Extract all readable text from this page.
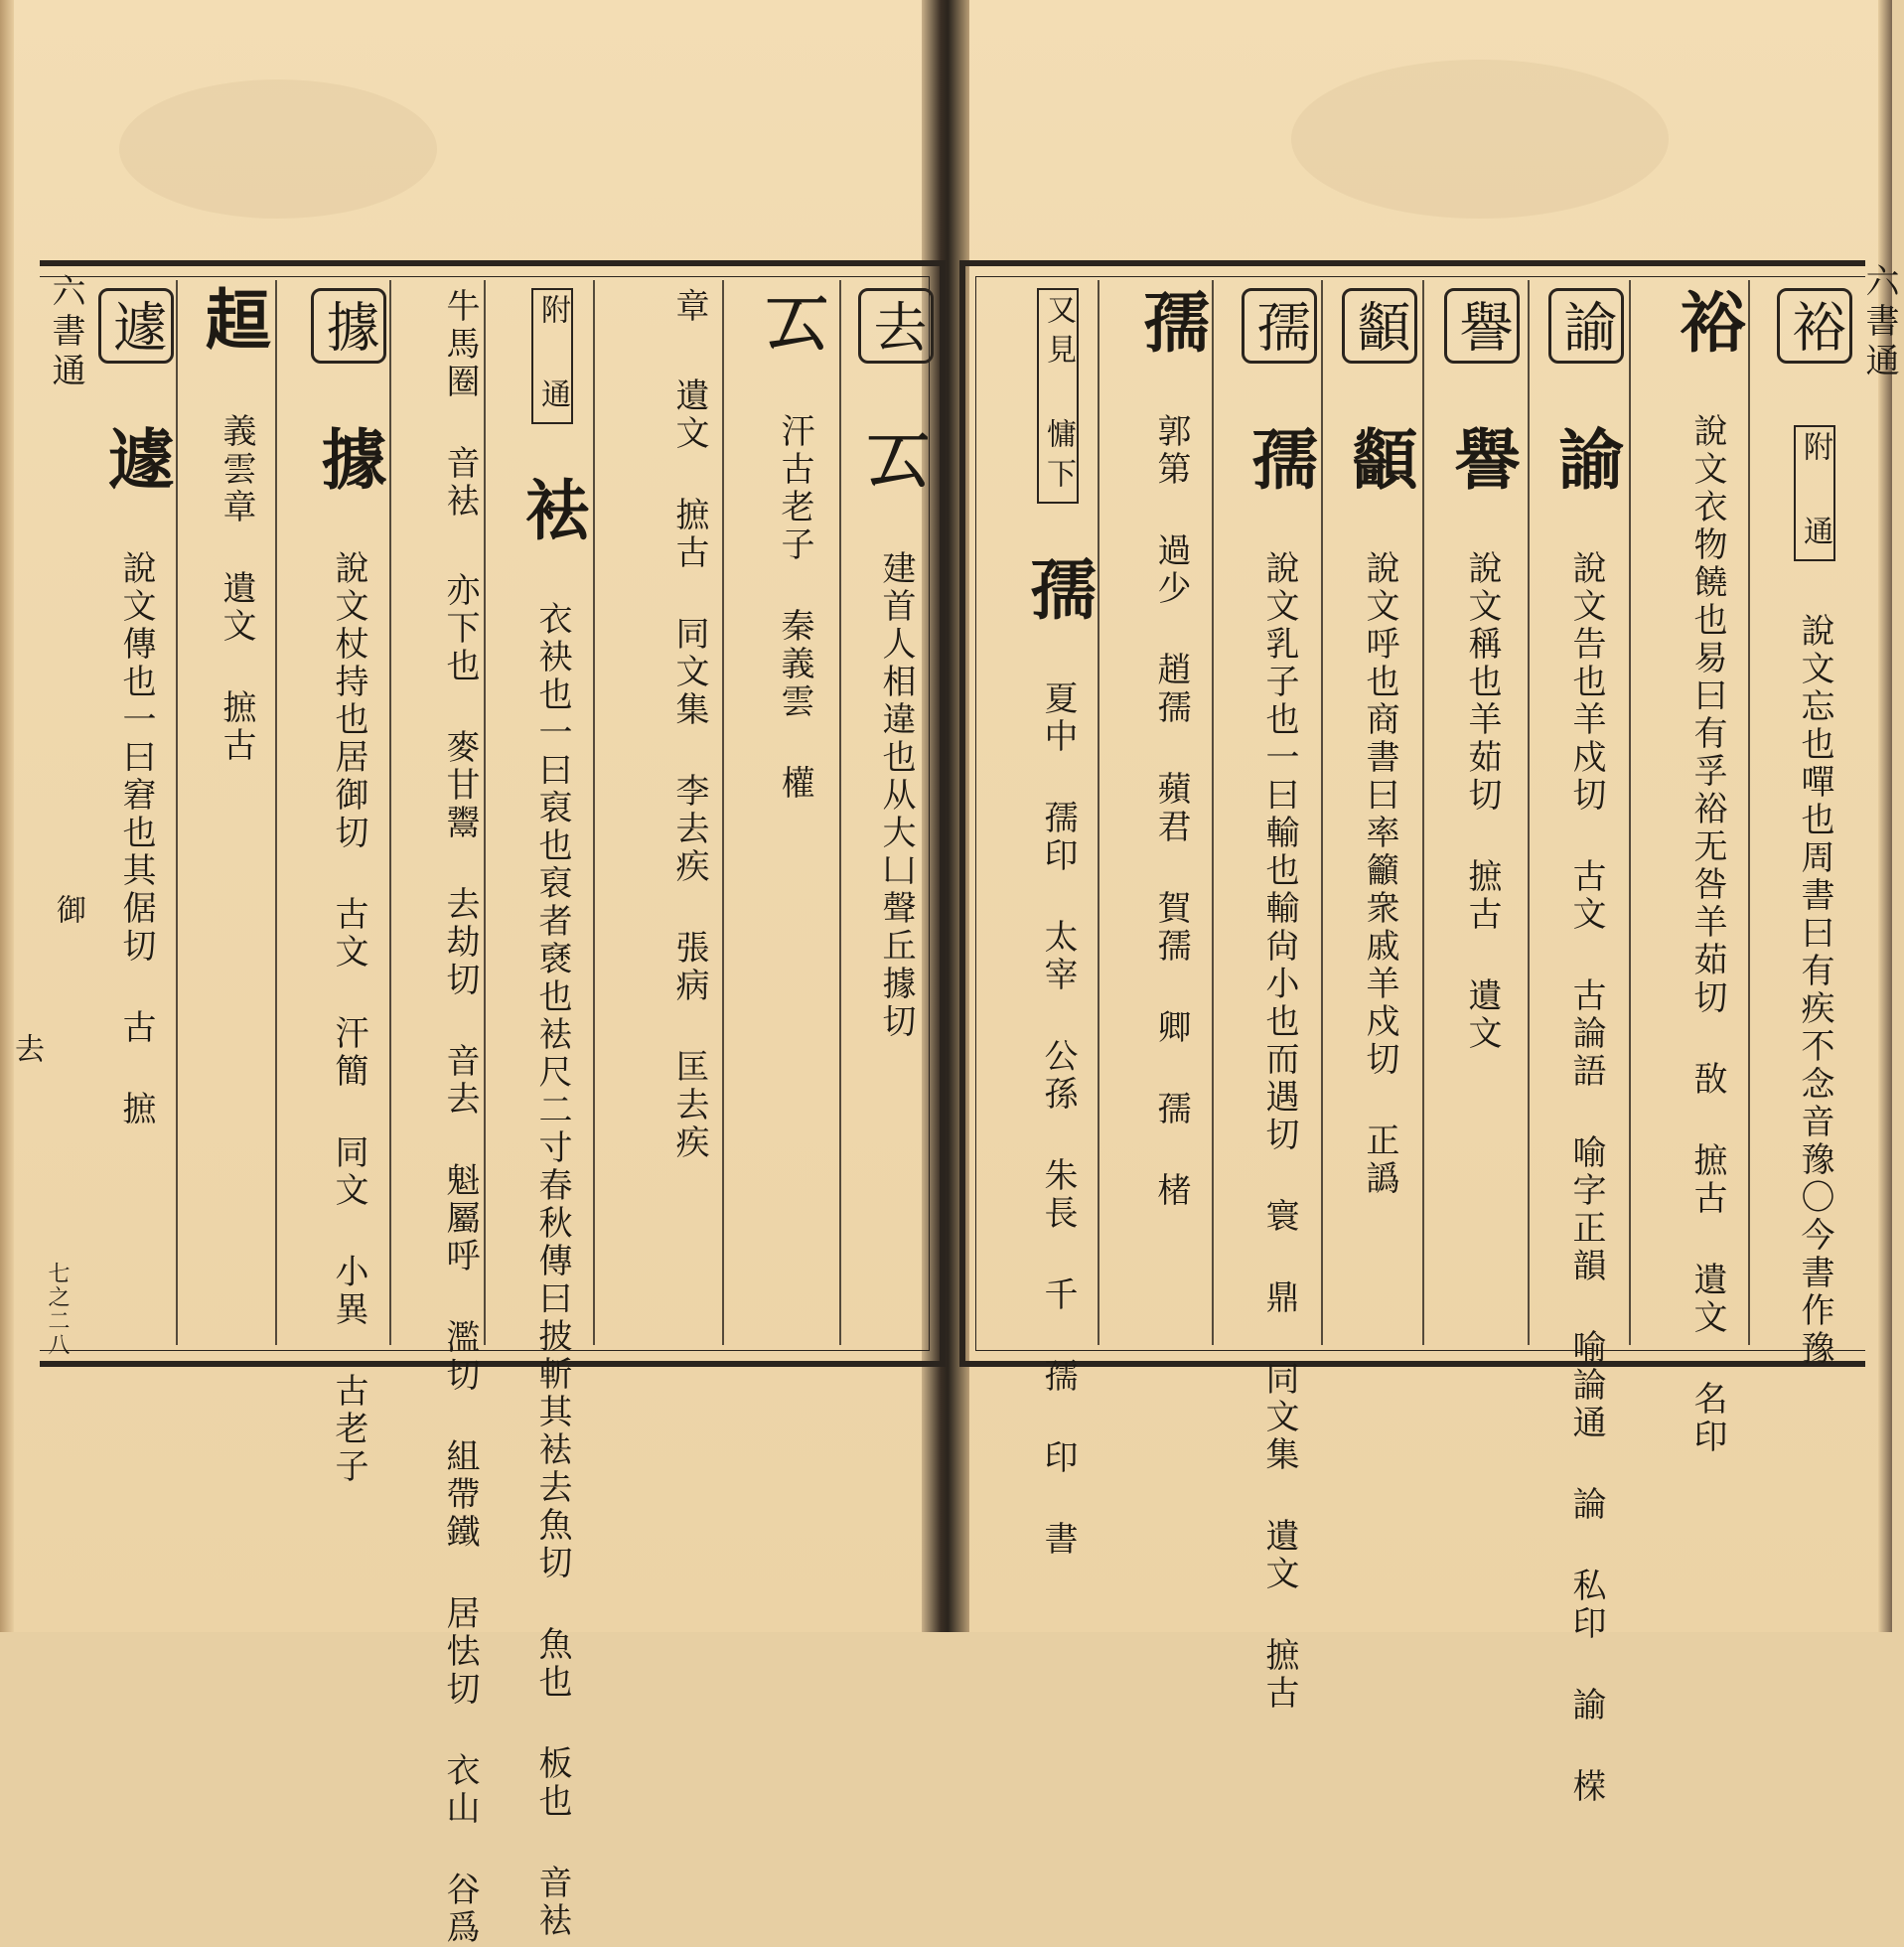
六書通
去
御
七之二八
去 𠫔 建首人相違也从大凵聲丘據切
𠫔 汗古老子 秦義雲 權
章 遺文 摭古 同文集 李去疾 張病 匡去疾
附 通 袪 衣袂也一曰裒也裒者褎也袪尺二寸春秋傳曰披斬其袪去魚切 魚也 板也 音袪
牛馬圈 音袪 亦下也 麥甘鬻 去劫切 音去 魁屬呼 濫切 組帶鐵 居怯切 衣山 谷爲
據 據 說文杖持也居御切 古文 汗簡 同文 小異 古老子
𧻚 義雲章 遺文 摭古
遽 遽 說文傳也一曰窘也其倨切 古 摭
六書通
裕 附 通 說文忘也嘽也周書曰有疾不念音豫〇今書作豫
裕 說文衣物饒也易曰有孚裕无咎羊茹切 敔 摭古 遺文 名印
諭 諭 說文告也羊戍切 古文 古論語 喻字正韻 喻論通 論 私印 諭 㮠
譽 譽 說文稱也羊茹切 摭古 遺文
顲 顲 說文呼也商書曰率籲衆戚羊戍切 正譌
孺 孺 說文乳子也一曰輸也輸尙小也而遇切 寰 鼎 同文集 遺文 摭古
孺 郭第 過少 趙孺 蘋君 賀孺 卿 孺 楮
又見 慵下 孺 夏中 孺印 太宰 公孫 朱長 千 孺 印 書
